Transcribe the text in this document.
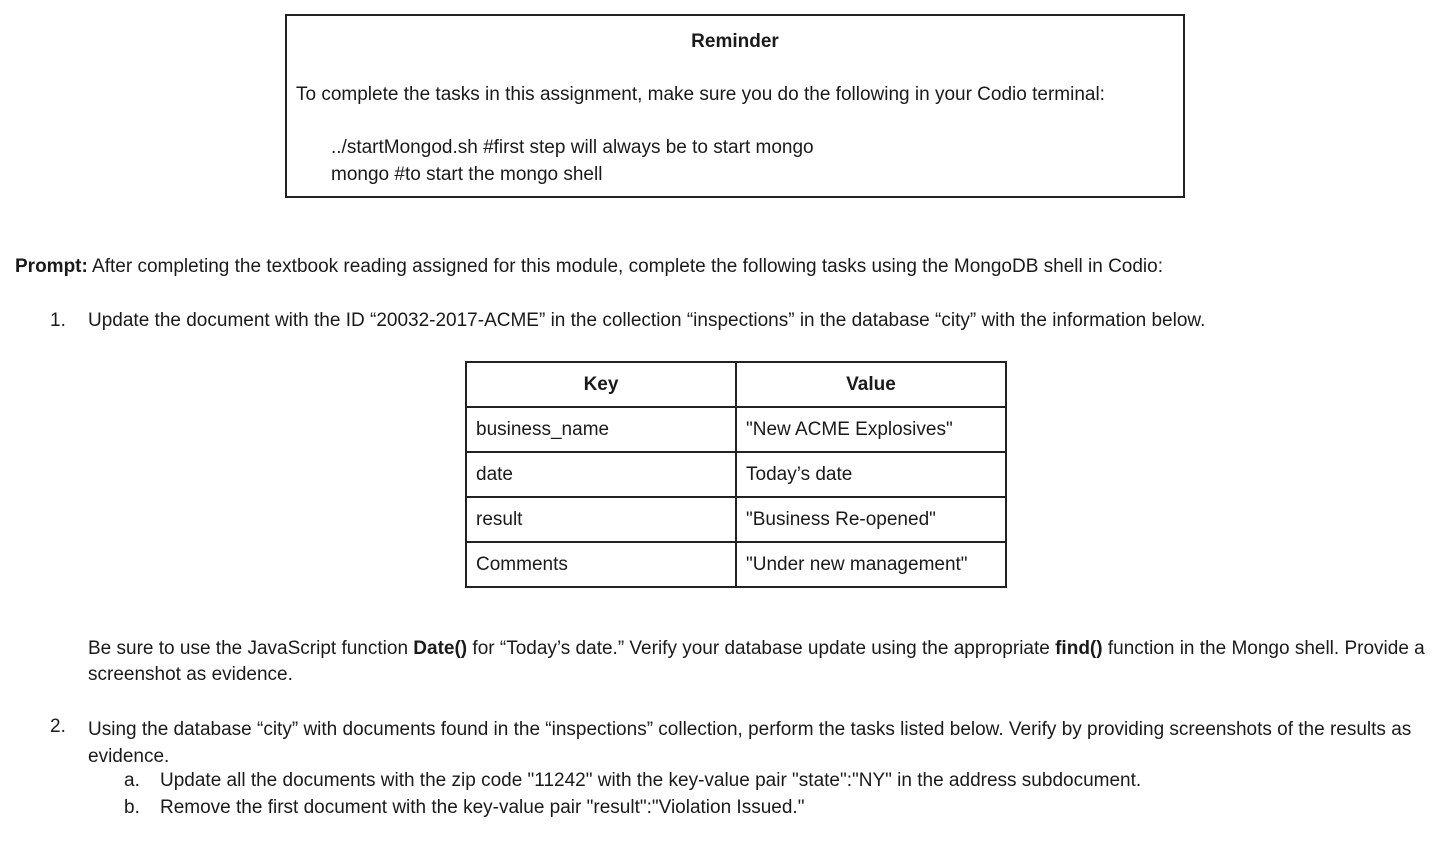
Reminder
To complete the tasks in this assignment, make sure you do the following in your Codio terminal:
../startMongod.sh #first step will always be to start mongo
mongo #to start the mongo shell
Prompt: After completing the textbook reading assigned for this module, complete the following tasks using the MongoDB shell in Codio:
1. Update the document with the ID “20032-2017-ACME” in the collection “inspections” in the database “city” with the information below.
Key	Value
business_name	"New ACME Explosives"
date	Today’s date
result	"Business Re-opened"
Comments	"Under new management"
Be sure to use the JavaScript function Date() for “Today’s date.” Verify your database update using the appropriate find() function in the Mongo shell. Provide a screenshot as evidence.
2. Using the database “city” with documents found in the “inspections” collection, perform the tasks listed below. Verify by providing screenshots of the results as evidence.
a. Update all the documents with the zip code "11242" with the key-value pair "state":"NY" in the address subdocument.
b. Remove the first document with the key-value pair "result":"Violation Issued."
